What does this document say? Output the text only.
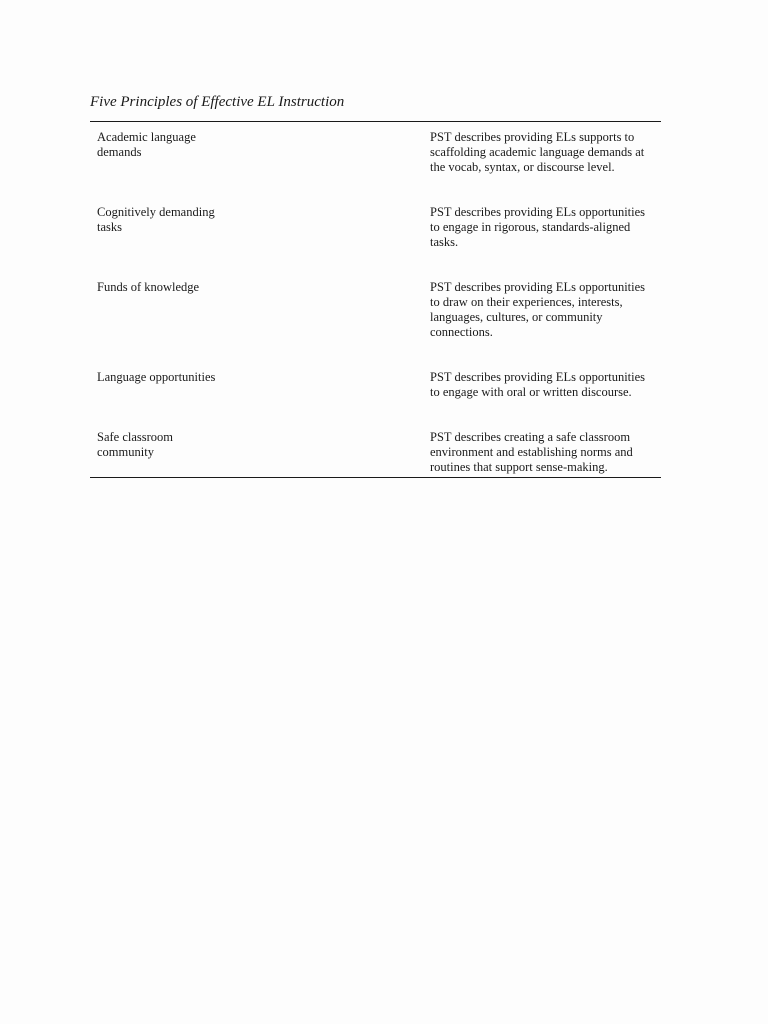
Five Principles of Effective EL Instruction

Academic language demands
PST describes providing ELs supports to scaffolding academic language demands at the vocab, syntax, or discourse level.
Cognitively demanding tasks
PST describes providing ELs opportunities to engage in rigorous, standards-aligned tasks.
Funds of knowledge	PST describes providing ELs opportunities to draw on their experiences, interests, languages, cultures, or community connections.
Language opportunities	PST describes providing ELs opportunities to engage with oral or written discourse.
Safe classroom community
PST describes creating a safe classroom environment and establishing norms and routines that support sense-making.
